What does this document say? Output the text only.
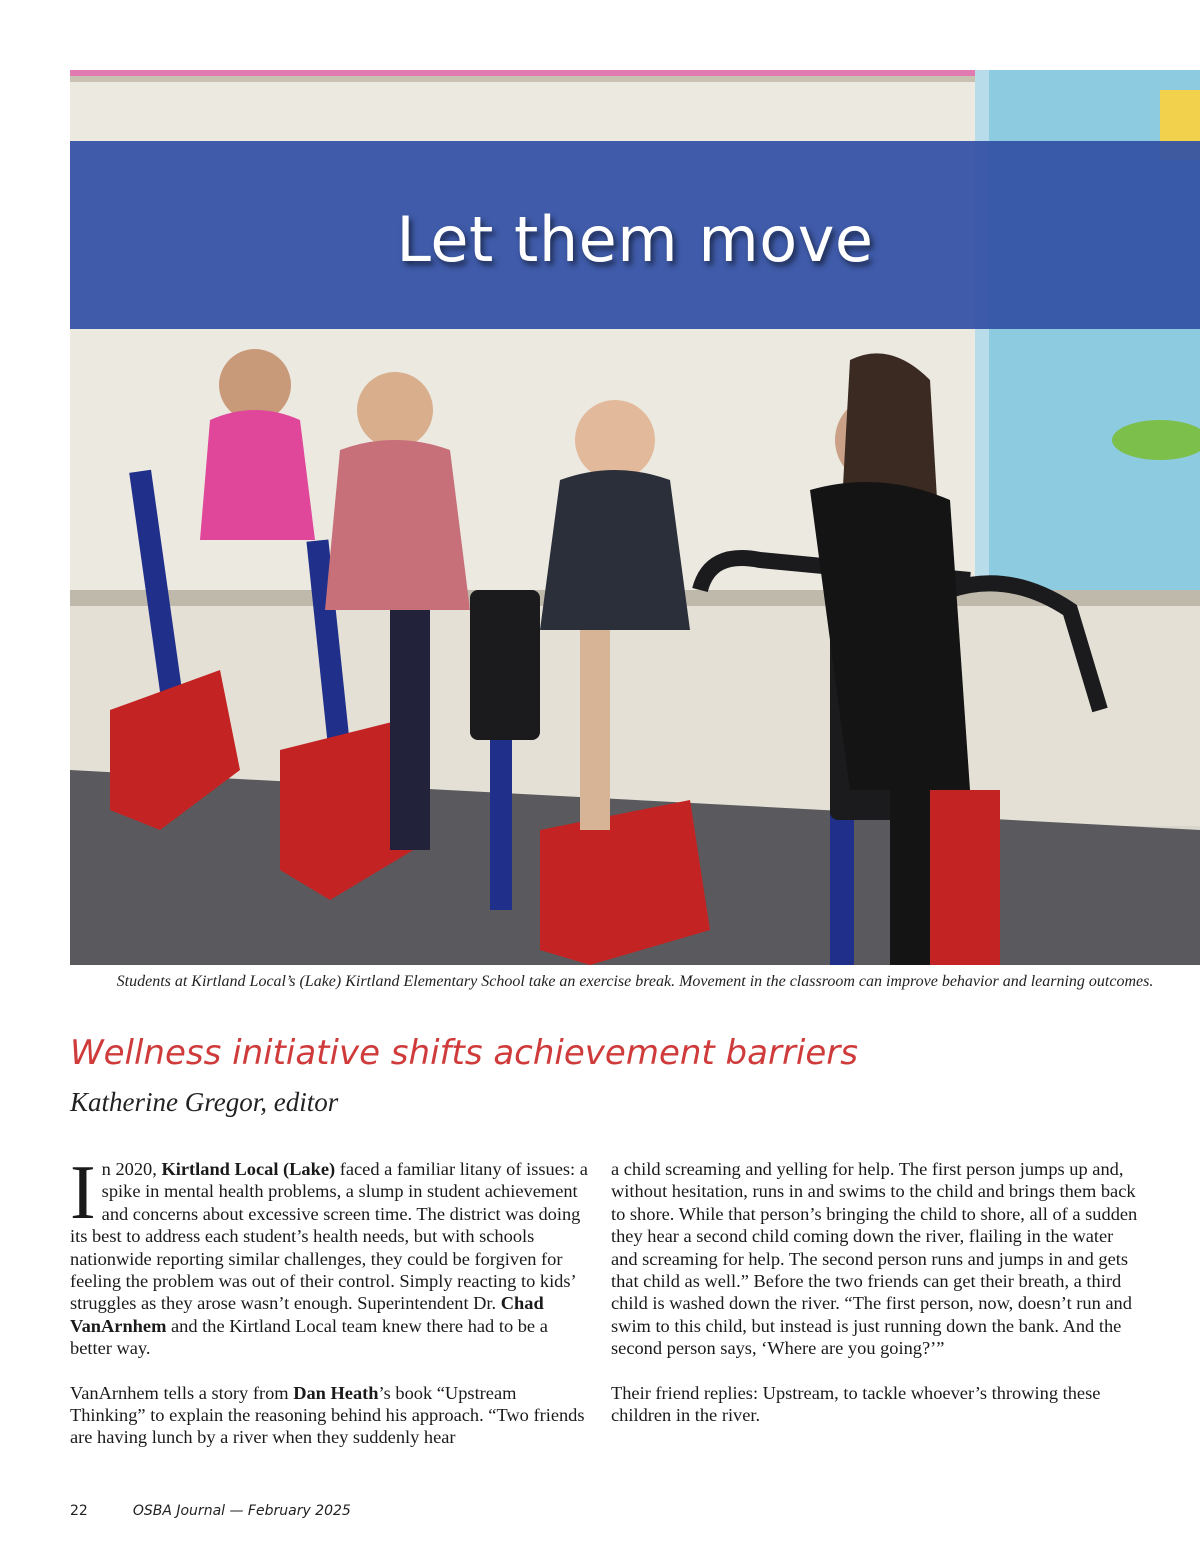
Let them move
Students at Kirtland Local’s (Lake) Kirtland Elementary School take an exercise break. Movement in the classroom can improve behavior and learning outcomes.
Wellness initiative shifts achievement barriers
Katherine Gregor, editor

In 2020, Kirtland Local (Lake) faced a familiar litany of issues: a spike in mental health problems, a slump in student achievement and concerns about excessive screen time. The district was doing its best to address each student’s health needs, but with schools nationwide reporting similar challenges, they could be forgiven for feeling the problem was out of their control. Simply reacting to kids’ struggles as they arose wasn’t enough. Superintendent Dr. Chad VanArnhem and the Kirtland Local team knew there had to be a better way.

VanArnhem tells a story from Dan Heath’s book “Upstream Thinking” to explain the reasoning behind his approach. “Two friends are having lunch by a river when they suddenly hear

a child screaming and yelling for help. The first person jumps up and, without hesitation, runs in and swims to the child and brings them back to shore. While that person’s bringing the child to shore, all of a sudden they hear a second child coming down the river, flailing in the water and screaming for help. The second person runs and jumps in and gets that child as well.” Before the two friends can get their breath, a third child is washed down the river. “The first person, now, doesn’t run and swim to this child, but instead is just running down the bank. And the second person says, ‘Where are you going?’”

Their friend replies: Upstream, to tackle whoever’s throwing these children in the river.

22	OSBA Journal — February 2025
